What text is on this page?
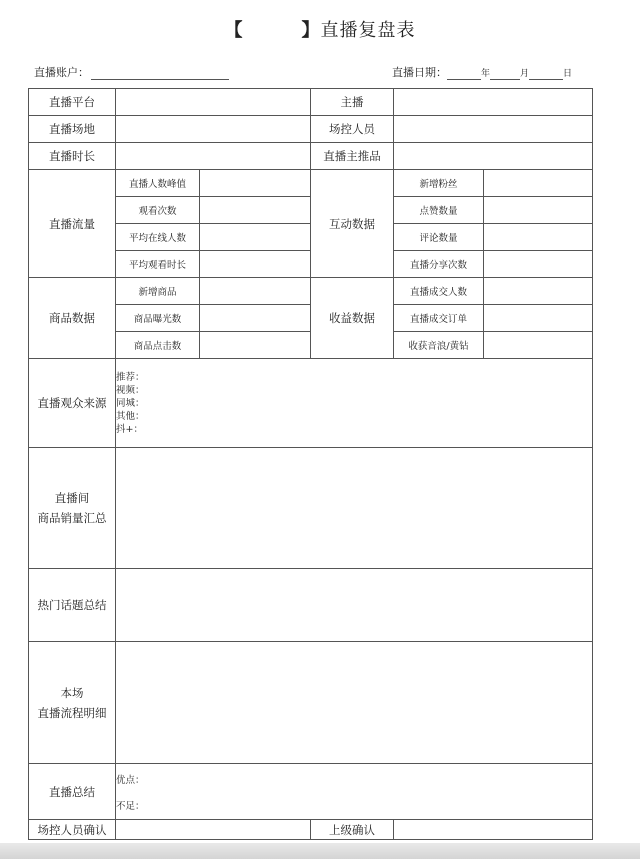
【	】直播复盘表
直播账户：	直播日期：	年	月	日
直播平台			主播		
直播场地			场控人员		
直播时长			直播主推品		
直播流量	直播人数峰值		互动数据	新增粉丝	
	观看次数			点赞数量	
	平均在线人数			评论数量	
	平均观看时长			直播分享次数	
商品数据	新增商品		收益数据	直播成交人数	
	商品曝光数			直播成交订单	
	商品点击数			收获音浪/黄钻	
直播观众来源	推荐：
视频：
同城：
其他：
抖+：				

直播间
商品销量汇总					

热门话题总结					

本场
直播流程明细					

直播总结	优点：
不足：				

场控人员确认			上级确认		
